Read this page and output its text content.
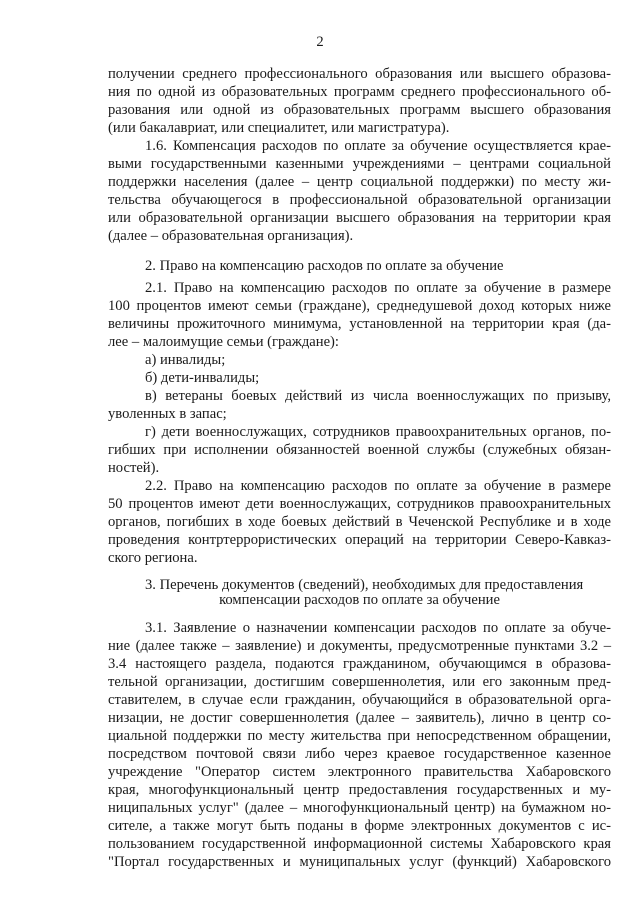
2
получении среднего профессионального образования или высшего образова-
ния по одной из образовательных программ среднего профессионального об-
разования или одной из образовательных программ высшего образования
(или бакалавриат, или специалитет, или магистратура).
1.6. Компенсация расходов по оплате за обучение осуществляется крае-
выми государственными казенными учреждениями – центрами социальной
поддержки населения (далее – центр социальной поддержки) по месту жи-
тельства обучающегося в профессиональной образовательной организации
или образовательной организации высшего образования на территории края
(далее – образовательная организация).
2. Право на компенсацию расходов по оплате за обучение
2.1. Право на компенсацию расходов по оплате за обучение в размере
100 процентов имеют семьи (граждане), среднедушевой доход которых ниже
величины прожиточного минимума, установленной на территории края (да-
лее – малоимущие семьи (граждане):
а) инвалиды;
б) дети-инвалиды;
в) ветераны боевых действий из числа военнослужащих по призыву,
уволенных в запас;
г) дети военнослужащих, сотрудников правоохранительных органов, по-
гибших при исполнении обязанностей военной службы (служебных обязан-
ностей).
2.2. Право на компенсацию расходов по оплате за обучение в размере
50 процентов имеют дети военнослужащих, сотрудников правоохранительных
органов, погибших в ходе боевых действий в Чеченской Республике и в ходе
проведения контртеррористических операций на территории Северо-Кавказ-
ского региона.
3. Перечень документов (сведений), необходимых для предоставления
компенсации расходов по оплате за обучение
3.1. Заявление о назначении компенсации расходов по оплате за обуче-
ние (далее также – заявление) и документы, предусмотренные пунктами 3.2 –
3.4 настоящего раздела, подаются гражданином, обучающимся в образова-
тельной организации, достигшим совершеннолетия, или его законным пред-
ставителем, в случае если гражданин, обучающийся в образовательной орга-
низации, не достиг совершеннолетия (далее – заявитель), лично в центр со-
циальной поддержки по месту жительства при непосредственном обращении,
посредством почтовой связи либо через краевое государственное казенное
учреждение "Оператор систем электронного правительства Хабаровского
края, многофункциональный центр предоставления государственных и му-
ниципальных услуг" (далее – многофункциональный центр) на бумажном но-
сителе, а также могут быть поданы в форме электронных документов с ис-
пользованием государственной информационной системы Хабаровского края
"Портал государственных и муниципальных услуг (функций) Хабаровского
